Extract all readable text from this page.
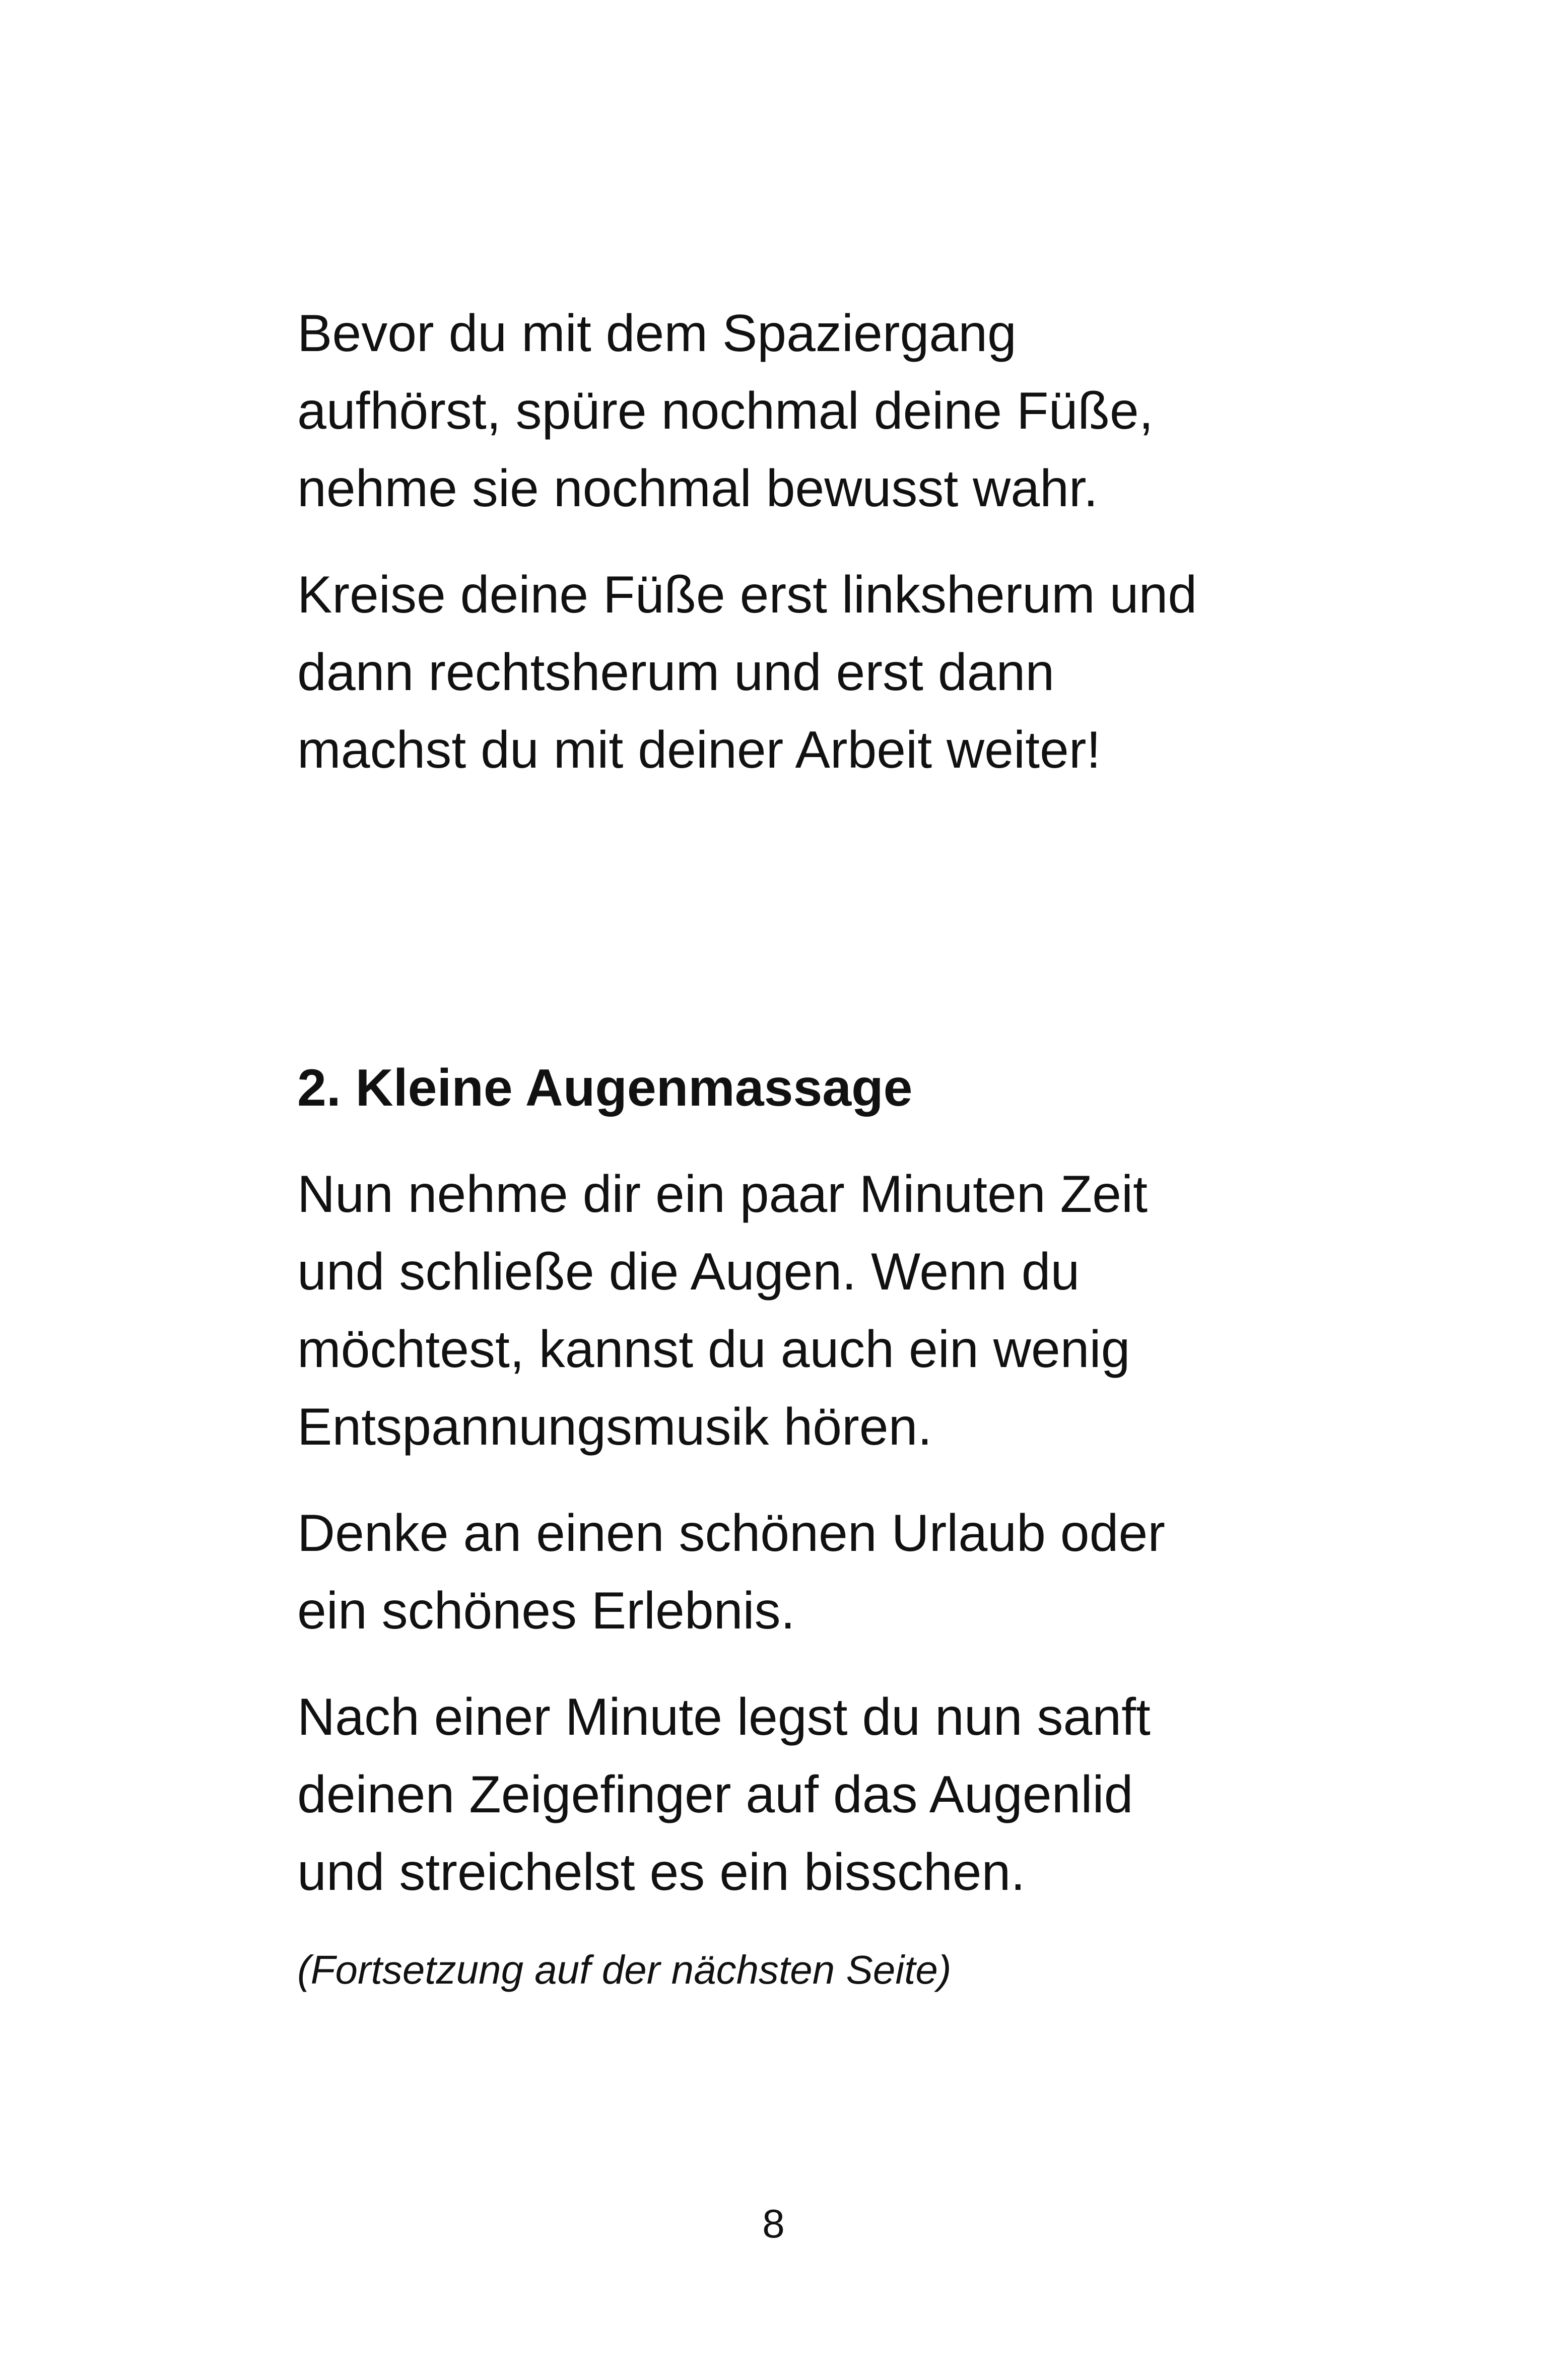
Bevor du mit dem Spaziergang
aufhörst, spüre nochmal deine Füße,
nehme sie nochmal bewusst wahr.

Kreise deine Füße erst linksherum und
dann rechtsherum und erst dann
machst du mit deiner Arbeit weiter!

2. Kleine Augenmassage

Nun nehme dir ein paar Minuten Zeit
und schließe die Augen. Wenn du
möchtest, kannst du auch ein wenig
Entspannungsmusik hören.

Denke an einen schönen Urlaub oder
ein schönes Erlebnis.

Nach einer Minute legst du nun sanft
deinen Zeigefinger auf das Augenlid
und streichelst es ein bisschen.

(Fortsetzung auf der nächsten Seite)

8
